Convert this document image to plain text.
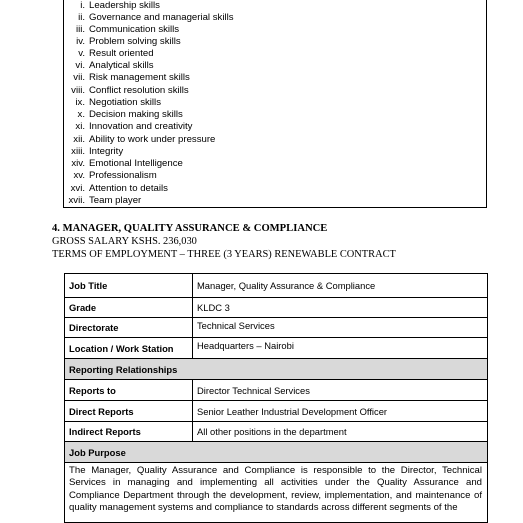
i. Leadership skills
ii. Governance and managerial skills
iii. Communication skills
iv. Problem solving skills
v. Result oriented
vi. Analytical skills
vii. Risk management skills
viii. Conflict resolution skills
ix. Negotiation skills
x. Decision making skills
xi. Innovation and creativity
xii. Ability to work under pressure
xiii. Integrity
xiv. Emotional Intelligence
xv. Professionalism
xvi. Attention to details
xvii. Team player
4. MANAGER, QUALITY ASSURANCE & COMPLIANCE
GROSS SALARY KSHS. 236,030
TERMS OF EMPLOYMENT – THREE (3 YEARS) RENEWABLE CONTRACT
Job Title	Manager, Quality Assurance & Compliance
Grade	KLDC 3
Directorate	Technical Services
Location / Work Station	Headquarters – Nairobi
Reporting Relationships	
Reports to	Director Technical Services
Direct Reports	Senior Leather Industrial Development Officer
Indirect Reports	All other positions in the department
Job Purpose	
The Manager, Quality Assurance and Compliance is responsible to the Director, Technical Services in managing and implementing all activities under the Quality Assurance and Compliance Department through the development, review, implementation, and maintenance of quality management systems and compliance to standards across different segments of the	
